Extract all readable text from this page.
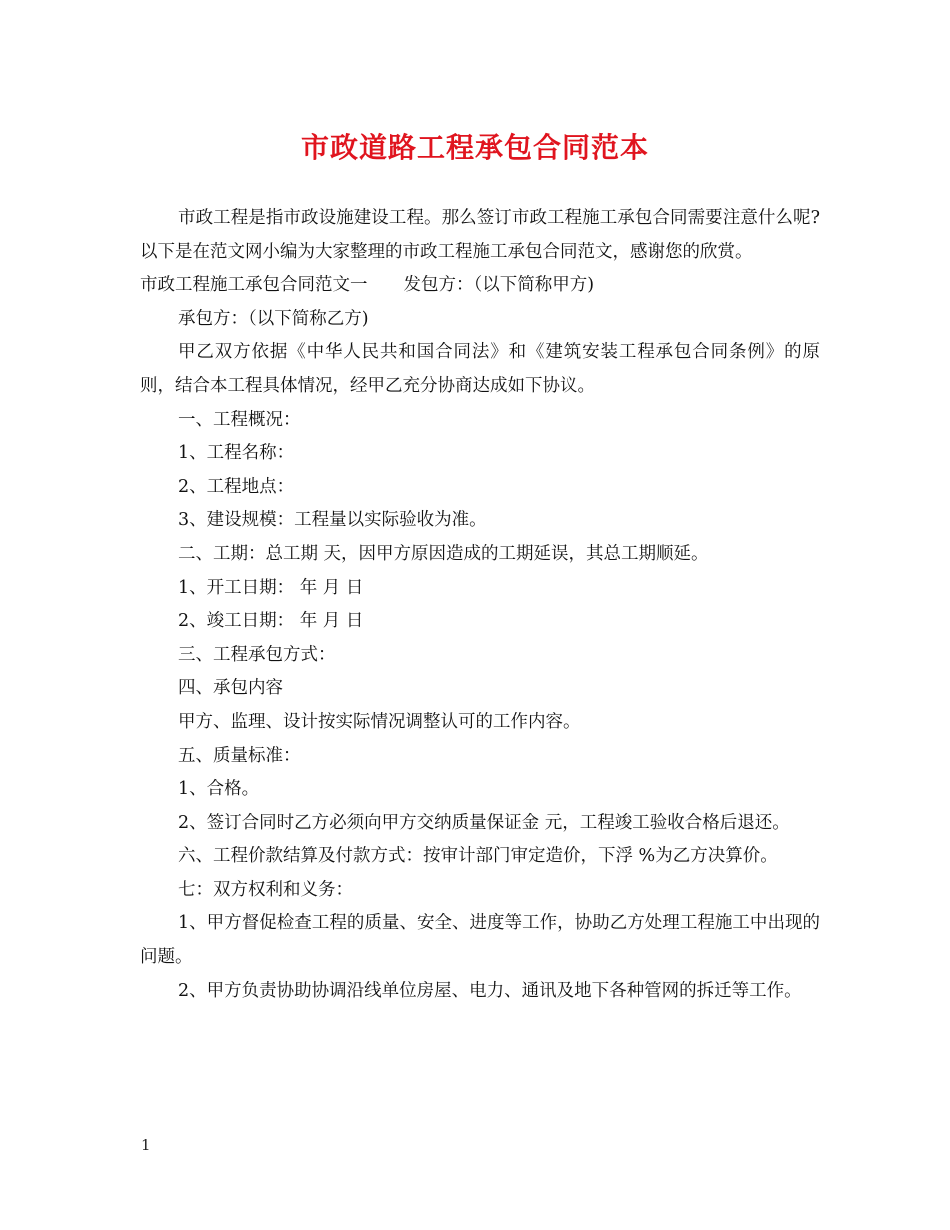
市政道路工程承包合同范本

市政工程是指市政设施建设工程。那么签订市政工程施工承包合同需要注意什么呢?以下是在范文网小编为大家整理的市政工程施工承包合同范文，感谢您的欣赏。

市政工程施工承包合同范文一 发包方：（以下简称甲方)

承包方：（以下简称乙方)

甲乙双方依据《中华人民共和国合同法》和《建筑安装工程承包合同条例》的原则，结合本工程具体情况，经甲乙充分协商达成如下协议。

一、工程概况：

1、工程名称：

2、工程地点：

3、建设规模：工程量以实际验收为准。

二、工期：总工期 天，因甲方原因造成的工期延误，其总工期顺延。

1、开工日期： 年 月 日

2、竣工日期： 年 月 日

三、工程承包方式：

四、承包内容

甲方、监理、设计按实际情况调整认可的工作内容。

五、质量标准：

1、合格。

2、签订合同时乙方必须向甲方交纳质量保证金 元，工程竣工验收合格后退还。

六、工程价款结算及付款方式：按审计部门审定造价，下浮 %为乙方决算价。

七：双方权利和义务：

1、甲方督促检查工程的质量、安全、进度等工作，协助乙方处理工程施工中出现的问题。

2、甲方负责协助协调沿线单位房屋、电力、通讯及地下各种管网的拆迁等工作。

1
